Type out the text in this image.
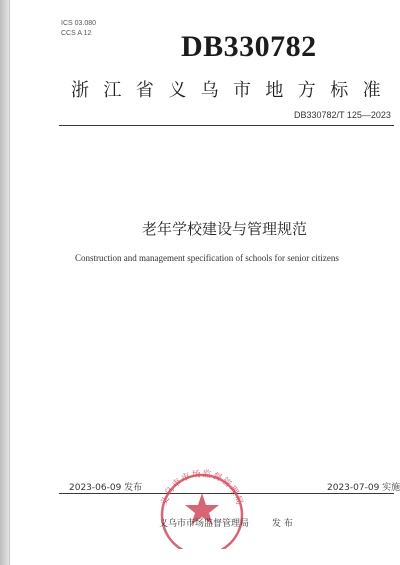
ICS 03.080
CCS A 12	DB330782
浙江省义乌市地方标准
DB330782/T 125—2023
老年学校建设与管理规范
Construction and management specification of schools for senior citizens
2023-06-09 发布	2023-07-09 实施
义乌市市场监督管理局
义乌市市场监督管理局	发 布
